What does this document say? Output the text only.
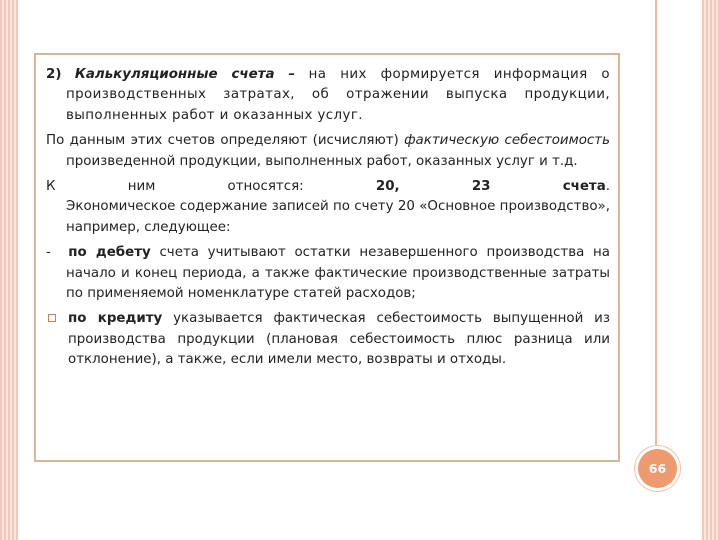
2) Калькуляционные счета – на них формируется информация о производственных затратах, об отражении выпуска продукции, выполненных работ и оказанных услуг.

По данным этих счетов определяют (исчисляют) фактическую себестоимость произведенной продукции, выполненных работ, оказанных услуг и т.д.

К	ним	относятся:	20,	23	счета.
Экономическое содержание записей по счету 20 «Основное производство», например, следующее:

- по дебету счета учитывают остатки незавершенного производства на начало и конец периода, а также фактические производственные затраты по применяемой номенклатуре статей расходов;

по кредиту указывается фактическая себестоимость выпущенной из производства продукции (плановая себестоимость плюс разница или отклонение), а также, если имели место, возвраты и отходы.

66
